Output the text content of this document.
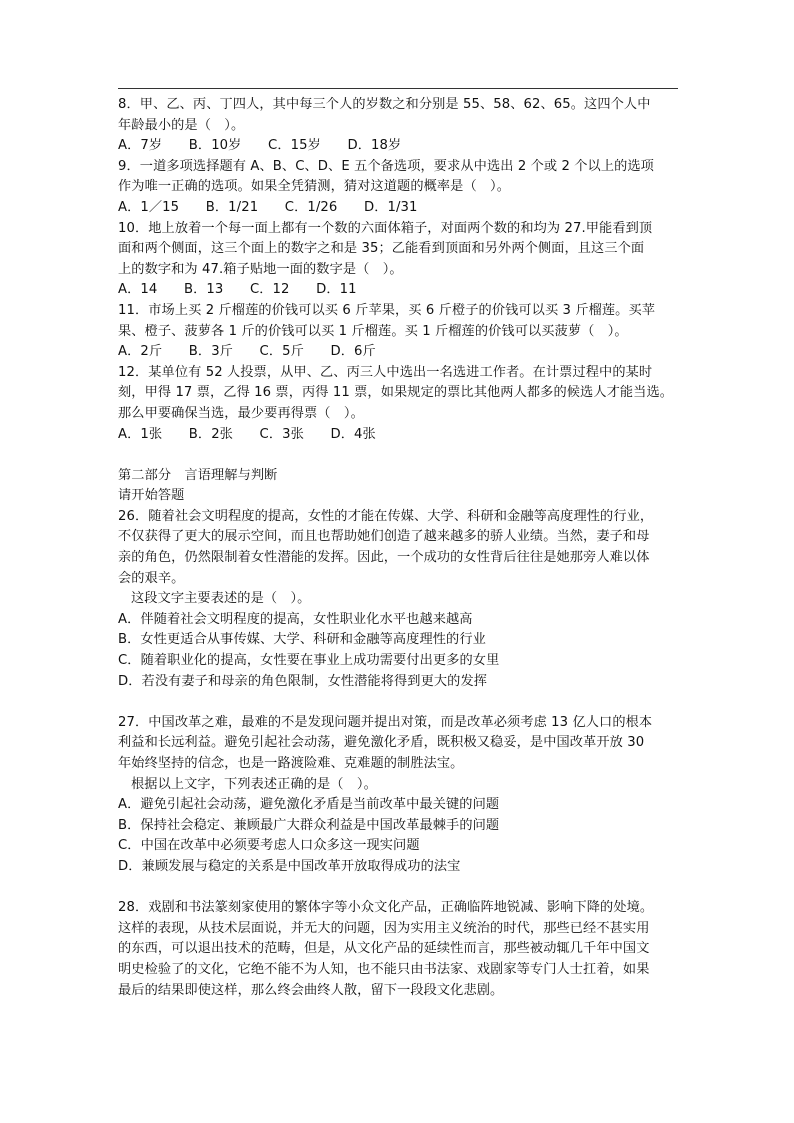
8．甲、乙、丙、丁四人，其中每三个人的岁数之和分别是 55、58、62、65。这四个人中
年龄最小的是（　）。
A．7岁　　B．10岁　　C．15岁　　D．18岁
9．一道多项选择题有 A、B、C、D、E 五个备选项，要求从中选出 2 个或 2 个以上的选项
作为唯一正确的选项。如果全凭猜测，猜对这道题的概率是（　）。
A．1／15　　B．1/21　　C．1/26　　D．1/31
10．地上放着一个每一面上都有一个数的六面体箱子，对面两个数的和均为 27.甲能看到顶
面和两个侧面，这三个面上的数字之和是 35；乙能看到顶面和另外两个侧面，且这三个面
上的数字和为 47.箱子贴地一面的数字是（　）。
A．14　　B．13　　C．12　　D．11
11．市场上买 2 斤榴莲的价钱可以买 6 斤苹果，买 6 斤橙子的价钱可以买 3 斤榴莲。买苹
果、橙子、菠萝各 1 斤的价钱可以买 1 斤榴莲。买 1 斤榴莲的价钱可以买菠萝（　）。
A．2斤　　B．3斤　　C．5斤　　D．6斤
12．某单位有 52 人投票，从甲、乙、丙三人中选出一名选进工作者。在计票过程中的某时
刻，甲得 17 票，乙得 16 票，丙得 11 票，如果规定的票比其他两人都多的候选人才能当选。
那么甲要确保当选，最少要再得票（　）。
A．1张　　B．2张　　C．3张　　D．4张
第二部分　言语理解与判断
请开始答题
26．随着社会文明程度的提高，女性的才能在传媒、大学、科研和金融等高度理性的行业，
不仅获得了更大的展示空间，而且也帮助她们创造了越来越多的骄人业绩。当然，妻子和母
亲的角色，仍然限制着女性潜能的发挥。因此，一个成功的女性背后往往是她那旁人难以体
会的艰辛。
这段文字主要表述的是（　）。
A．伴随着社会文明程度的提高，女性职业化水平也越来越高
B．女性更适合从事传媒、大学、科研和金融等高度理性的行业
C．随着职业化的提高，女性要在事业上成功需要付出更多的女里
D．若没有妻子和母亲的角色限制，女性潜能将得到更大的发挥
27．中国改革之难，最难的不是发现问题并提出对策，而是改革必须考虑 13 亿人口的根本
利益和长远利益。避免引起社会动荡，避免激化矛盾，既积极又稳妥，是中国改革开放 30
年始终坚持的信念，也是一路渡险难、克难题的制胜法宝。
根据以上文字，下列表述正确的是（　）。
A．避免引起社会动荡，避免激化矛盾是当前改革中最关键的问题
B．保持社会稳定、兼顾最广大群众利益是中国改革最棘手的问题
C．中国在改革中必须要考虑人口众多这一现实问题
D．兼顾发展与稳定的关系是中国改革开放取得成功的法宝
28．戏剧和书法篆刻家使用的繁体字等小众文化产品，正确临阵地锐减、影响下降的处境。
这样的表现，从技术层面说，并无大的问题，因为实用主义统治的时代，那些已经不甚实用
的东西，可以退出技术的范畴，但是，从文化产品的延续性而言，那些被动辄几千年中国文
明史检验了的文化，它绝不能不为人知，也不能只由书法家、戏剧家等专门人士扛着，如果
最后的结果即使这样，那么终会曲终人散，留下一段段文化悲剧。
